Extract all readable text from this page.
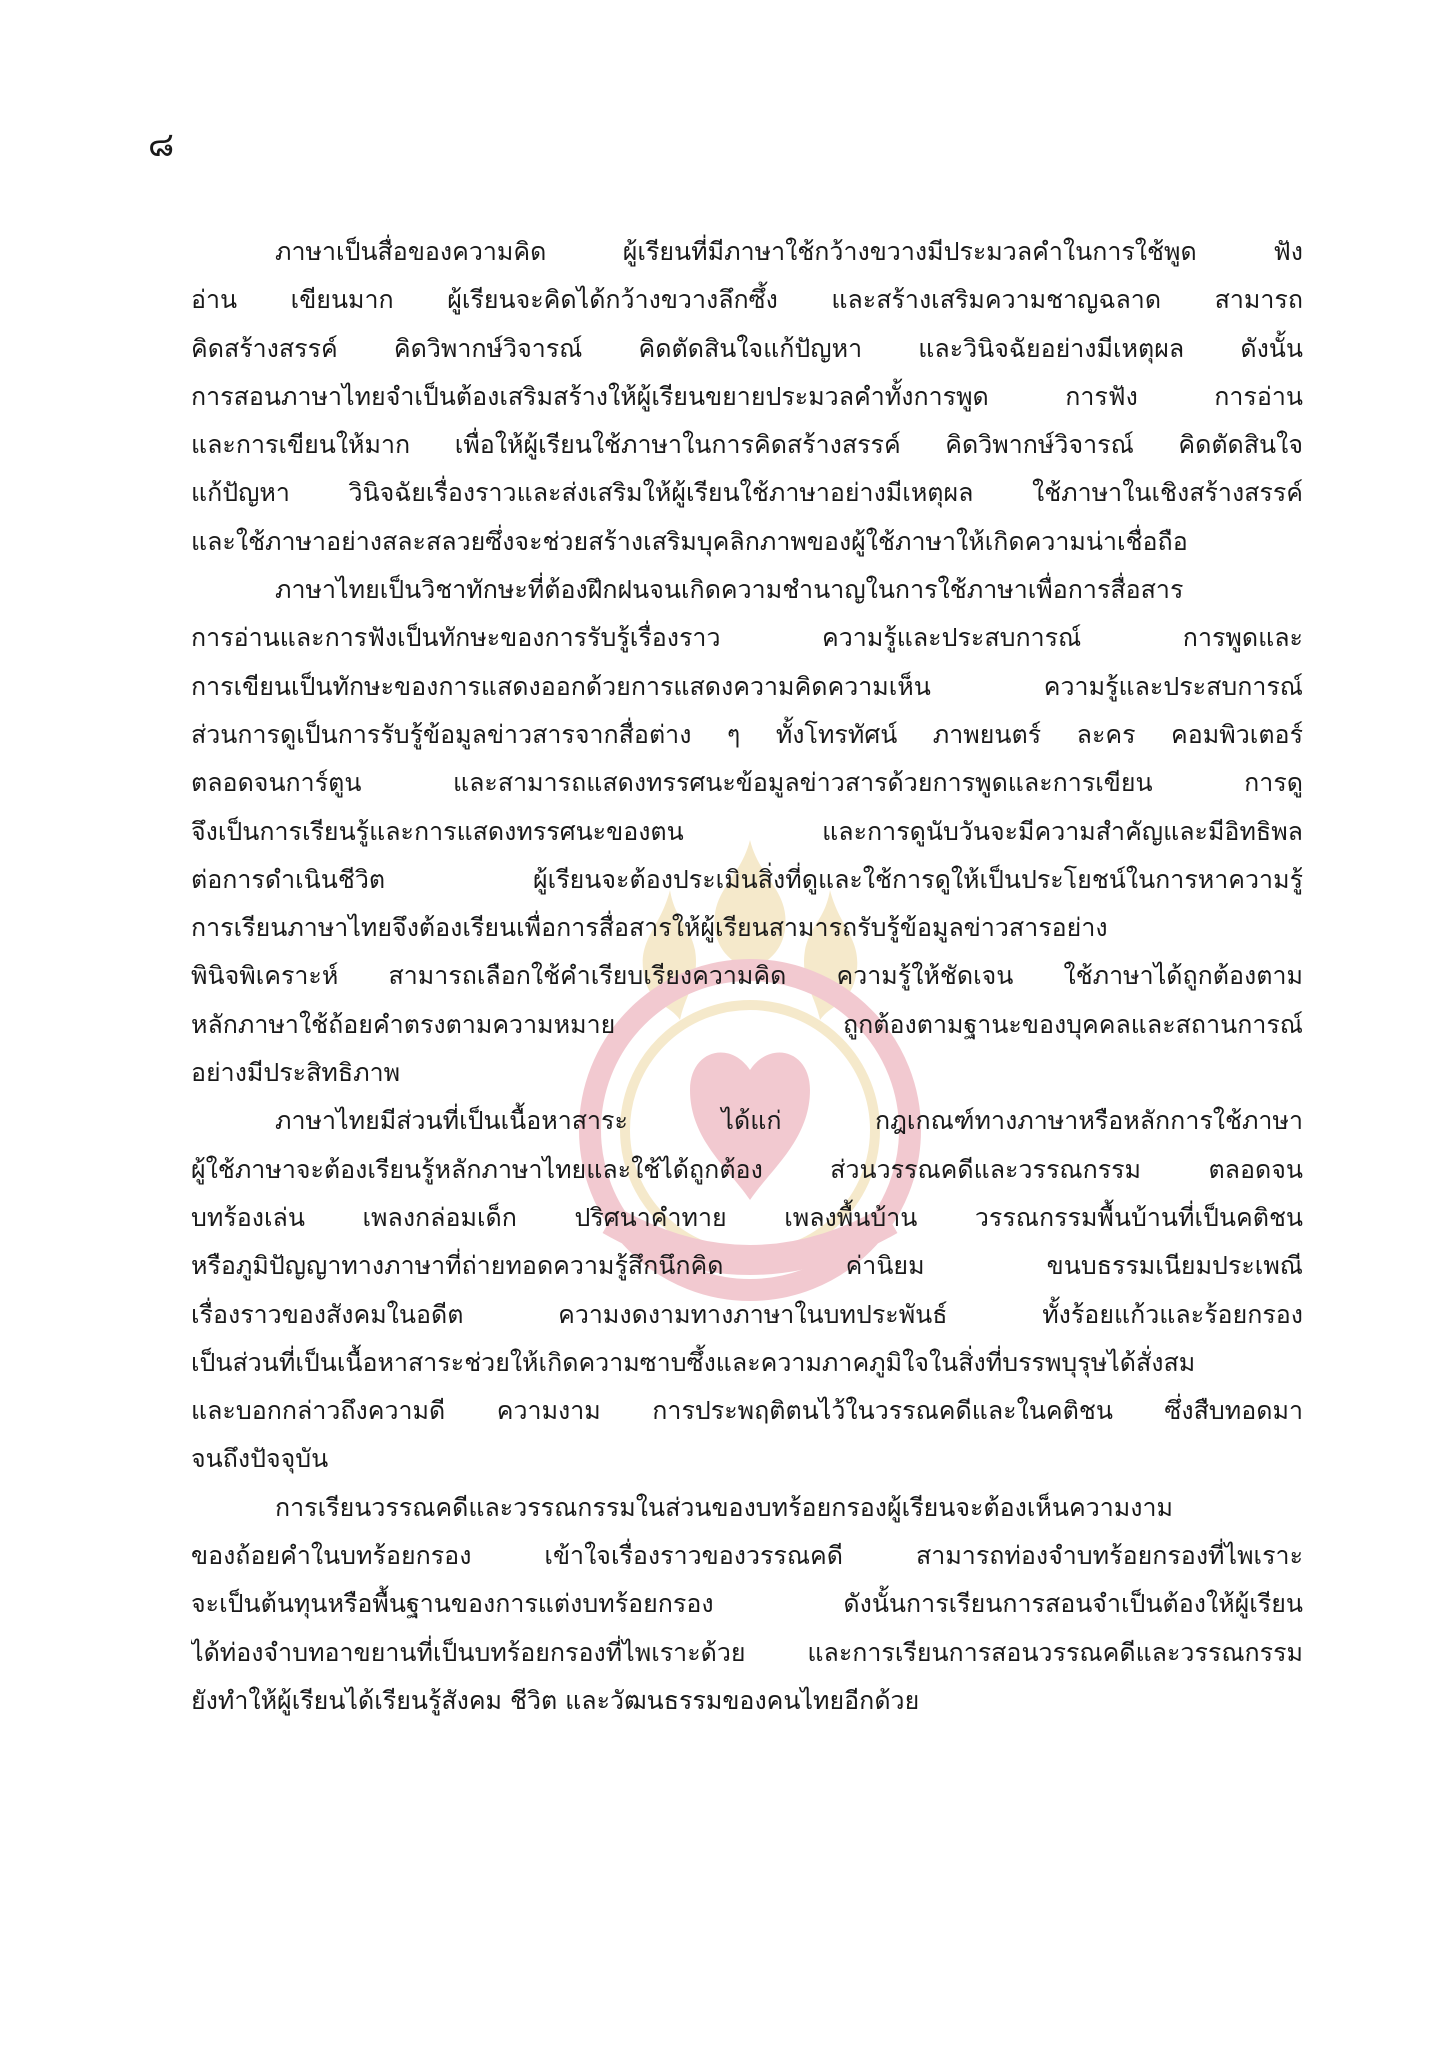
๘
ภาษาเป็นสื่อของความคิด ผู้เรียนที่มีภาษาใช้กว้างขวางมีประมวลคำในการใช้พูด ฟัง
อ่าน เขียนมาก ผู้เรียนจะคิดได้กว้างขวางลึกซึ้ง และสร้างเสริมความชาญฉลาด สามารถ
คิดสร้างสรรค์ คิดวิพากษ์วิจารณ์ คิดตัดสินใจแก้ปัญหา และวินิจฉัยอย่างมีเหตุผล ดังนั้น
การสอนภาษาไทยจำเป็นต้องเสริมสร้างให้ผู้เรียนขยายประมวลคำทั้งการพูด การฟัง การอ่าน
และการเขียนให้มาก เพื่อให้ผู้เรียนใช้ภาษาในการคิดสร้างสรรค์ คิดวิพากษ์วิจารณ์ คิดตัดสินใจ
แก้ปัญหา วินิจฉัยเรื่องราวและส่งเสริมให้ผู้เรียนใช้ภาษาอย่างมีเหตุผล ใช้ภาษาในเชิงสร้างสรรค์
และใช้ภาษาอย่างสละสลวยซึ่งจะช่วยสร้างเสริมบุคลิกภาพของผู้ใช้ภาษาให้เกิดความน่าเชื่อถือ
ภาษาไทยเป็นวิชาทักษะที่ต้องฝึกฝนจนเกิดความชำนาญในการใช้ภาษาเพื่อการสื่อสาร
การอ่านและการฟังเป็นทักษะของการรับรู้เรื่องราว ความรู้และประสบการณ์ การพูดและ
การเขียนเป็นทักษะของการแสดงออกด้วยการแสดงความคิดความเห็น ความรู้และประสบการณ์
ส่วนการดูเป็นการรับรู้ข้อมูลข่าวสารจากสื่อต่าง ๆ ทั้งโทรทัศน์ ภาพยนตร์ ละคร คอมพิวเตอร์
ตลอดจนการ์ตูน และสามารถแสดงทรรศนะข้อมูลข่าวสารด้วยการพูดและการเขียน การดู
จึงเป็นการเรียนรู้และการแสดงทรรศนะของตน และการดูนับวันจะมีความสำคัญและมีอิทธิพล
ต่อการดำเนินชีวิต ผู้เรียนจะต้องประเมินสิ่งที่ดูและใช้การดูให้เป็นประโยชน์ในการหาความรู้
การเรียนภาษาไทยจึงต้องเรียนเพื่อการสื่อสารให้ผู้เรียนสามารถรับรู้ข้อมูลข่าวสารอย่าง
พินิจพิเคราะห์ สามารถเลือกใช้คำเรียบเรียงความคิด ความรู้ให้ชัดเจน ใช้ภาษาได้ถูกต้องตาม
หลักภาษาใช้ถ้อยคำตรงตามความหมาย ถูกต้องตามฐานะของบุคคลและสถานการณ์
อย่างมีประสิทธิภาพ
ภาษาไทยมีส่วนที่เป็นเนื้อหาสาระ ได้แก่ กฎเกณฑ์ทางภาษาหรือหลักการใช้ภาษา
ผู้ใช้ภาษาจะต้องเรียนรู้หลักภาษาไทยและใช้ได้ถูกต้อง ส่วนวรรณคดีและวรรณกรรม ตลอดจน
บทร้องเล่น เพลงกล่อมเด็ก ปริศนาคำทาย เพลงพื้นบ้าน วรรณกรรมพื้นบ้านที่เป็นคติชน
หรือภูมิปัญญาทางภาษาที่ถ่ายทอดความรู้สึกนึกคิด ค่านิยม ขนบธรรมเนียมประเพณี
เรื่องราวของสังคมในอดีต ความงดงามทางภาษาในบทประพันธ์ ทั้งร้อยแก้วและร้อยกรอง
เป็นส่วนที่เป็นเนื้อหาสาระช่วยให้เกิดความซาบซึ้งและความภาคภูมิใจในสิ่งที่บรรพบุรุษได้สั่งสม
และบอกกล่าวถึงความดี ความงาม การประพฤติตนไว้ในวรรณคดีและในคติชน ซึ่งสืบทอดมา
จนถึงปัจจุบัน
การเรียนวรรณคดีและวรรณกรรมในส่วนของบทร้อยกรองผู้เรียนจะต้องเห็นความงาม
ของถ้อยคำในบทร้อยกรอง เข้าใจเรื่องราวของวรรณคดี สามารถท่องจำบทร้อยกรองที่ไพเราะ
จะเป็นต้นทุนหรือพื้นฐานของการแต่งบทร้อยกรอง ดังนั้นการเรียนการสอนจำเป็นต้องให้ผู้เรียน
ได้ท่องจำบทอาขยานที่เป็นบทร้อยกรองที่ไพเราะด้วย และการเรียนการสอนวรรณคดีและวรรณกรรม
ยังทำให้ผู้เรียนได้เรียนรู้สังคม ชีวิต และวัฒนธรรมของคนไทยอีกด้วย
